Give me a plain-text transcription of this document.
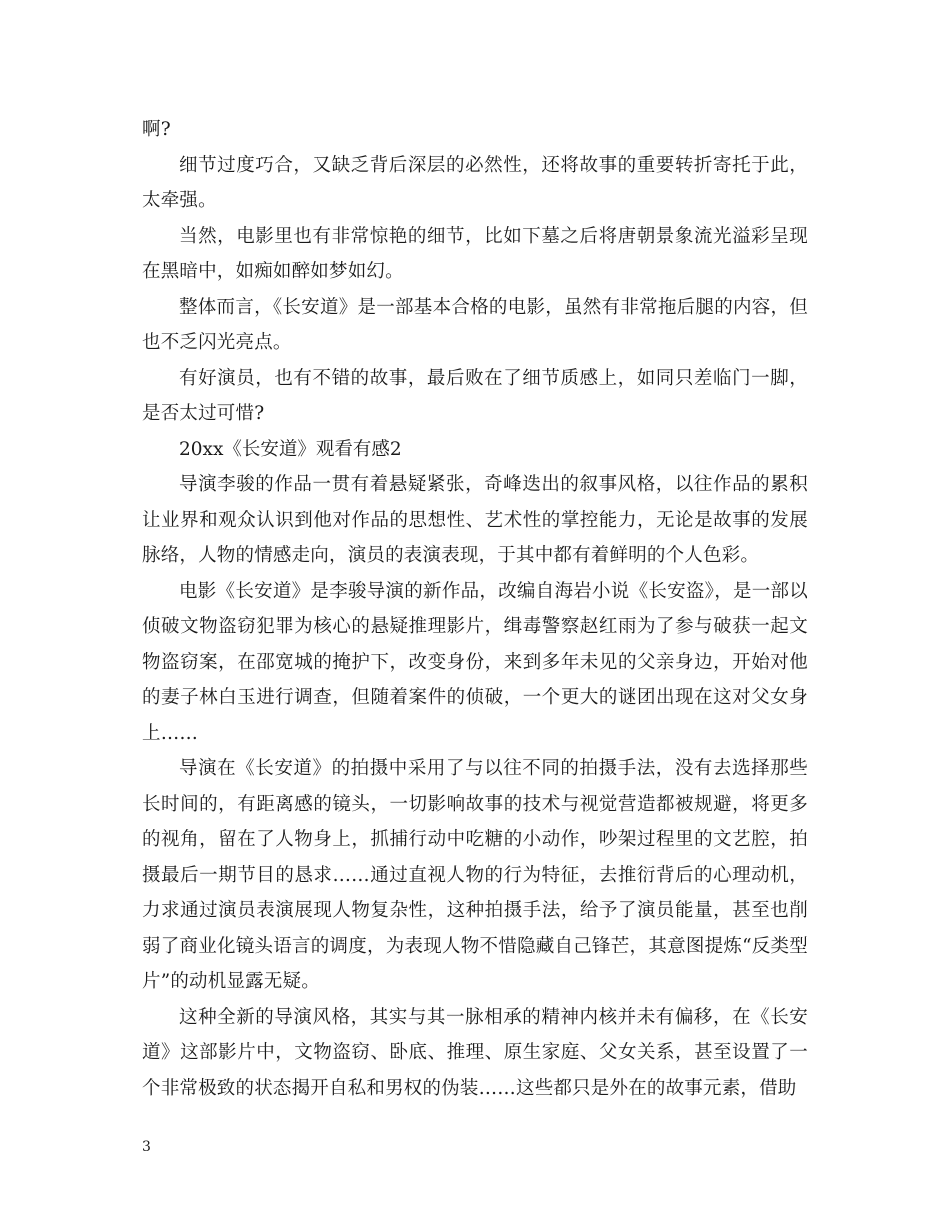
啊?

细节过度巧合，又缺乏背后深层的必然性，还将故事的重要转折寄托于此，太牵强。

当然，电影里也有非常惊艳的细节，比如下墓之后将唐朝景象流光溢彩呈现在黑暗中，如痴如醉如梦如幻。

整体而言，《长安道》是一部基本合格的电影，虽然有非常拖后腿的内容，但也不乏闪光亮点。

有好演员，也有不错的故事，最后败在了细节质感上，如同只差临门一脚，是否太过可惜?

20xx《长安道》观看有感2

导演李骏的作品一贯有着悬疑紧张，奇峰迭出的叙事风格，以往作品的累积让业界和观众认识到他对作品的思想性、艺术性的掌控能力，无论是故事的发展脉络，人物的情感走向，演员的表演表现，于其中都有着鲜明的个人色彩。

电影《长安道》是李骏导演的新作品，改编自海岩小说《长安盗》，是一部以侦破文物盗窃犯罪为核心的悬疑推理影片，缉毒警察赵红雨为了参与破获一起文物盗窃案，在邵宽城的掩护下，改变身份，来到多年未见的父亲身边，开始对他的妻子林白玉进行调查，但随着案件的侦破，一个更大的谜团出现在这对父女身上……

导演在《长安道》的拍摄中采用了与以往不同的拍摄手法，没有去选择那些长时间的，有距离感的镜头，一切影响故事的技术与视觉营造都被规避，将更多的视角，留在了人物身上，抓捕行动中吃糖的小动作，吵架过程里的文艺腔，拍摄最后一期节目的恳求……通过直视人物的行为特征，去推衍背后的心理动机，力求通过演员表演展现人物复杂性，这种拍摄手法，给予了演员能量，甚至也削弱了商业化镜头语言的调度，为表现人物不惜隐藏自己锋芒，其意图提炼“反类型片”的动机显露无疑。

这种全新的导演风格，其实与其一脉相承的精神内核并未有偏移，在《长安道》这部影片中，文物盗窃、卧底、推理、原生家庭、父女关系，甚至设置了一个非常极致的状态揭开自私和男权的伪装……这些都只是外在的故事元素，借助

3
